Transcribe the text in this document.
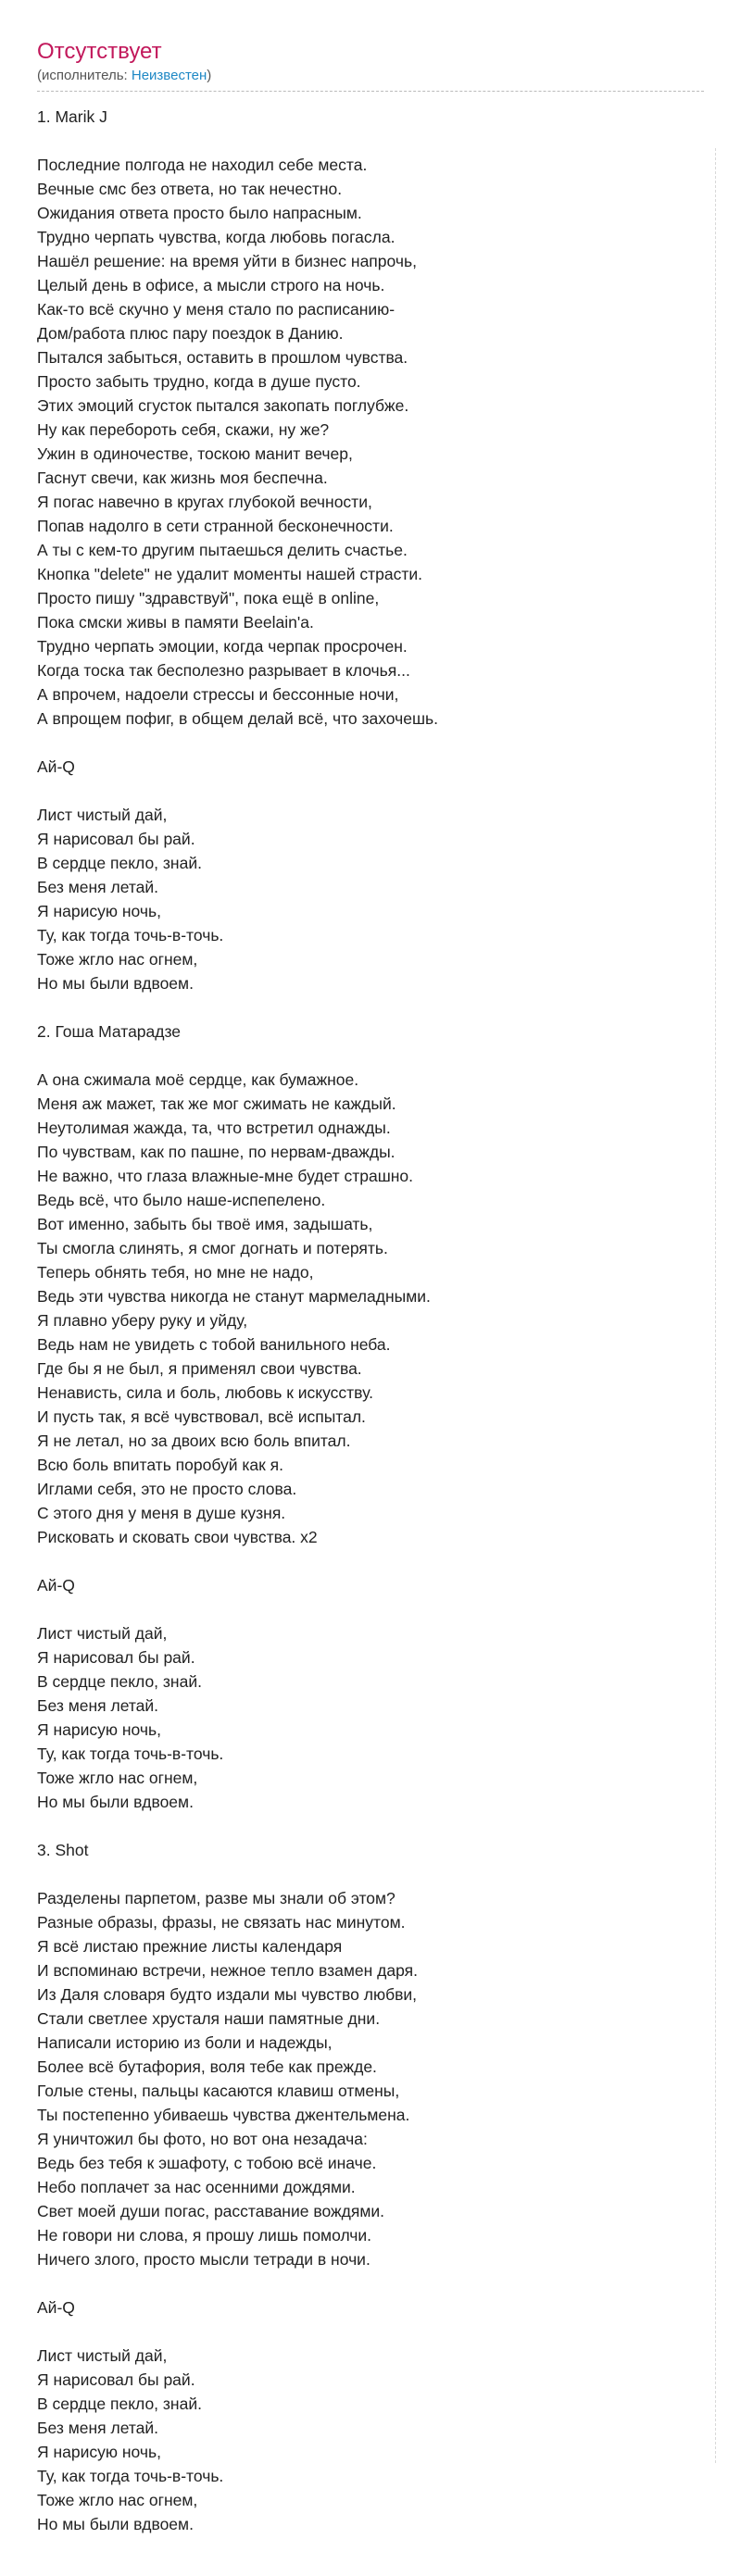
Отсутствует
(исполнитель: Неизвестен)
1. Marik J
Последние полгода не находил себе места.
Вечные смс без ответа, но так нечестно.
Ожидания ответа просто было напрасным.
Трудно черпать чувства, когда любовь погасла.
Нашёл решение: на время уйти в бизнес напрочь,
Целый день в офисе, а мысли строго на ночь.
Как-то всё скучно у меня стало по расписанию-
Дом/работа плюс пару поездок в Данию.
Пытался забыться, оставить в прошлом чувства.
Просто забыть трудно, когда в душе пусто.
Этих эмоций сгусток пытался закопать поглубже.
Ну как перебороть себя, скажи, ну же?
Ужин в одиночестве, тоскою манит вечер,
Гаснут свечи, как жизнь моя беспечна.
Я погас навечно в кругах глубокой вечности,
Попав надолго в сети странной бесконечности.
А ты с кем-то другим пытаешься делить счастье.
Кнопка "delete" не удалит моменты нашей страсти.
Просто пишу "здравствуй", пока ещё в online,
Пока смски живы в памяти Beelain'a.
Трудно черпать эмоции, когда черпак просрочен.
Когда тоска так бесполезно разрывает в клочья...
А впрочем, надоели стрессы и бессонные ночи,
А впрощем пофиг, в общем делай всё, что захочешь.
Ай-Q
Лист чистый дай,
Я нарисовал бы рай.
В сердце пекло, знай.
Без меня летай.
Я нарисую ночь,
Ту, как тогда точь-в-точь.
Тоже жгло нас огнем,
Но мы были вдвоем.
2. Гоша Матарадзе
А она сжимала моё сердце, как бумажное.
Меня аж мажет, так же мог сжимать не каждый.
Неутолимая жажда, та, что встретил однажды.
По чувствам, как по пашне, по нервам-дважды.
Не важно, что глаза влажные-мне будет страшно.
Ведь всё, что было наше-испепелено.
Вот именно, забыть бы твоё имя, задышать,
Ты смогла слинять, я смог догнать и потерять.
Теперь обнять тебя, но мне не надо,
Ведь эти чувства никогда не станут мармеладными.
Я плавно уберу руку и уйду,
Ведь нам не увидеть с тобой ванильного неба.
Где бы я не был, я применял свои чувства.
Ненависть, сила и боль, любовь к искусству.
И пусть так, я всё чувствовал, всё испытал.
Я не летал, но за двоих всю боль впитал.
Всю боль впитать поробуй как я.
Иглами себя, это не просто слова.
С этого дня у меня в душе кузня.
Рисковать и сковать свои чувства. x2
Ай-Q
Лист чистый дай,
Я нарисовал бы рай.
В сердце пекло, знай.
Без меня летай.
Я нарисую ночь,
Ту, как тогда точь-в-точь.
Тоже жгло нас огнем,
Но мы были вдвоем.
3. Shot
Разделены парпетом, разве мы знали об этом?
Разные образы, фразы, не связать нас минутом.
Я всё листаю прежние листы календаря
И вспоминаю встречи, нежное тепло взамен даря.
Из Даля словаря будто издали мы чувство любви,
Стали светлее хрусталя наши памятные дни.
Написали историю из боли и надежды,
Более всё бутафория, воля тебе как прежде.
Голые стены, пальцы касаются клавиш отмены,
Ты постепенно убиваешь чувства джентельмена.
Я уничтожил бы фото, но вот она незадача:
Ведь без тебя к эшафоту, с тобою всё иначе.
Небо поплачет за нас осенними дождями.
Свет моей души погас, расставание вождями.
Не говори ни слова, я прошу лишь помолчи.
Ничего злого, просто мысли тетради в ночи.
Ай-Q
Лист чистый дай,
Я нарисовал бы рай.
В сердце пекло, знай.
Без меня летай.
Я нарисую ночь,
Ту, как тогда точь-в-точь.
Тоже жгло нас огнем,
Но мы были вдвоем.
